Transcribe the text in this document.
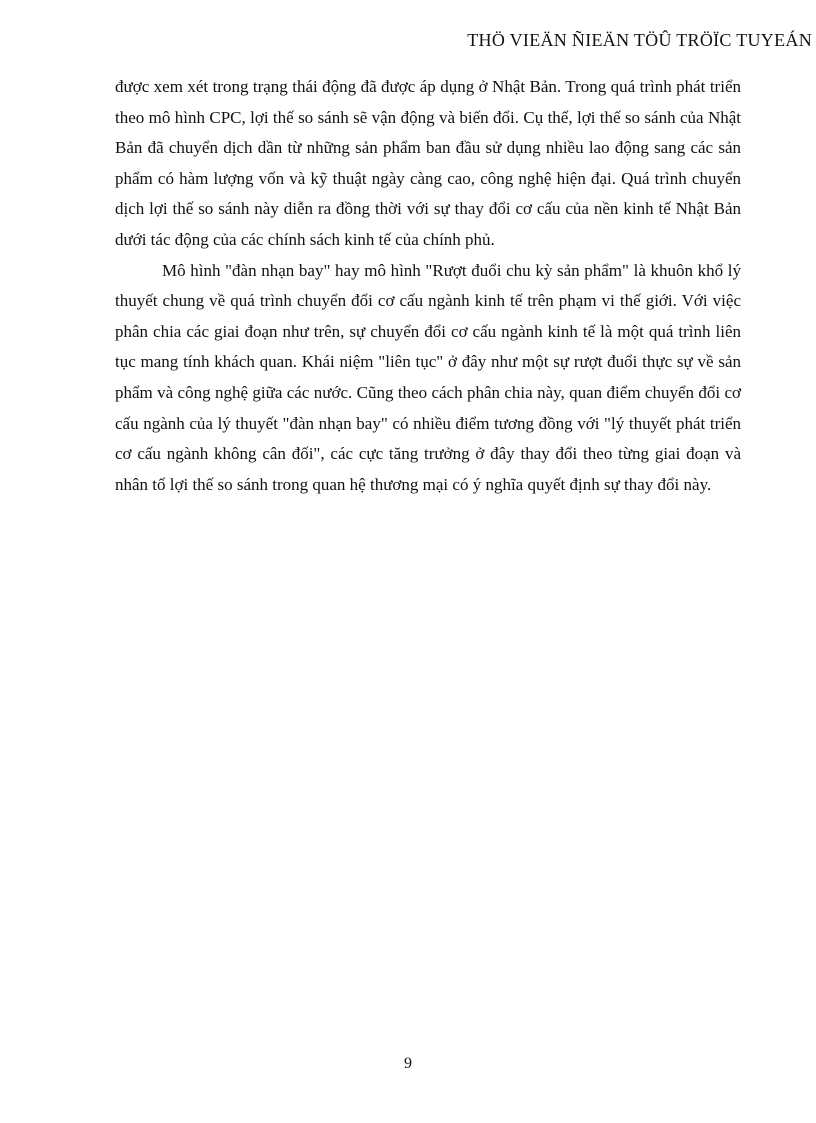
THÖ VIEÄN ÑIEÄN TÖÛ TRÖÏC TUYEÁN

được xem xét trong trạng thái động đã được áp dụng ở Nhật Bản. Trong quá trình phát triển theo mô hình CPC, lợi thế so sánh sẽ vận động và biến đổi. Cụ thể, lợi thế so sánh của Nhật Bản đã chuyển dịch dần từ những sản phẩm ban đầu sử dụng nhiều lao động sang các sản phẩm có hàm lượng vốn và kỹ thuật ngày càng cao, công nghệ hiện đại. Quá trình chuyển dịch lợi thế so sánh này diễn ra đồng thời với sự thay đổi cơ cấu của nền kinh tế Nhật Bản dưới tác động của các chính sách kinh tế của chính phủ.

Mô hình "đàn nhạn bay" hay mô hình "Rượt đuổi chu kỳ sản phẩm" là khuôn khổ lý thuyết chung về quá trình chuyển đổi cơ cấu ngành kinh tế trên phạm vi thế giới. Với việc phân chia các giai đoạn như trên, sự chuyển đổi cơ cấu ngành kinh tế là một quá trình liên tục mang tính khách quan. Khái niệm "liên tục" ở đây như một sự rượt đuổi thực sự về sản phẩm và công nghệ giữa các nước. Cũng theo cách phân chia này, quan điểm chuyển đổi cơ cấu ngành của lý thuyết "đàn nhạn bay" có nhiều điểm tương đồng với "lý thuyết phát triển cơ cấu ngành không cân đối", các cực tăng trưởng ở đây thay đổi theo từng giai đoạn và nhân tố lợi thế so sánh trong quan hệ thương mại có ý nghĩa quyết định sự thay đổi này.

9
